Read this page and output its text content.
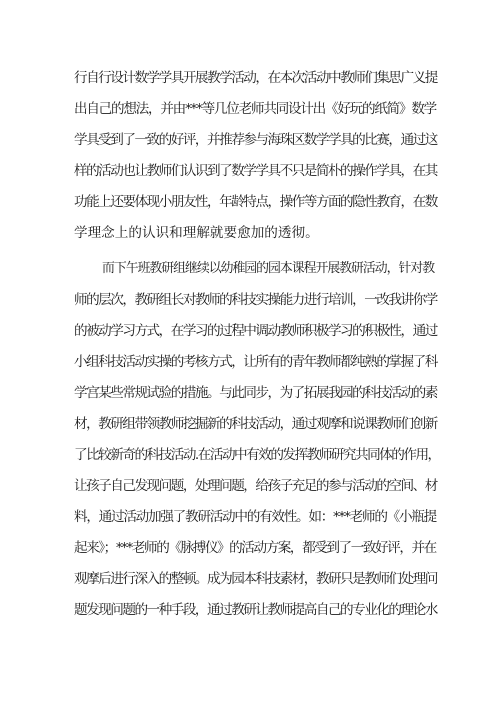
行自行设计数学学具开展教学活动，在本次活动中教师们集思广义提
出自己的想法，并由***等几位老师共同设计出《好玩的纸简》数学
学具受到了一致的好评，并推荐参与海珠区数学学具的比赛，通过这
样的活动也让教师们认识到了数学学具不只是简朴的操作学具，在其
功能上还要体现小朋友性，年龄特点，操作等方面的隐性教育，在数
学理念上的认识和理解就要愈加的透彻。
而下午班教研组继续以幼稚园的园本课程开展教研活动，针对教
师的层次，教研组长对教师的科技实操能力进行培训，一改我讲你学
的被动学习方式，在学习的过程中调动教师积极学习的积极性，通过
小组科技活动实操的考核方式，让所有的青年教师都纯熟的掌握了科
学宫某些常规试验的措施。与此同步，为了拓展我园的科技活动的素
材，教研组带领教师挖掘新的科技活动，通过观摩和说课教师们创新
了比较新奇的科技活动.在活动中有效的发挥教师研究共同体的作用，
让孩子自己发现问题，处理问题，给孩子充足的参与活动的空间、材
料，通过活动加强了教研活动中的有效性。如：***老师的《小瓶提
起来》；***老师的《脉搏仪》的活动方案，都受到了一致好评，并在
观摩后进行深入的整顿。成为园本科技素材，教研只是教师们处理问
题发现问题的一种手段，通过教研让教师提高自己的专业化的理论水
